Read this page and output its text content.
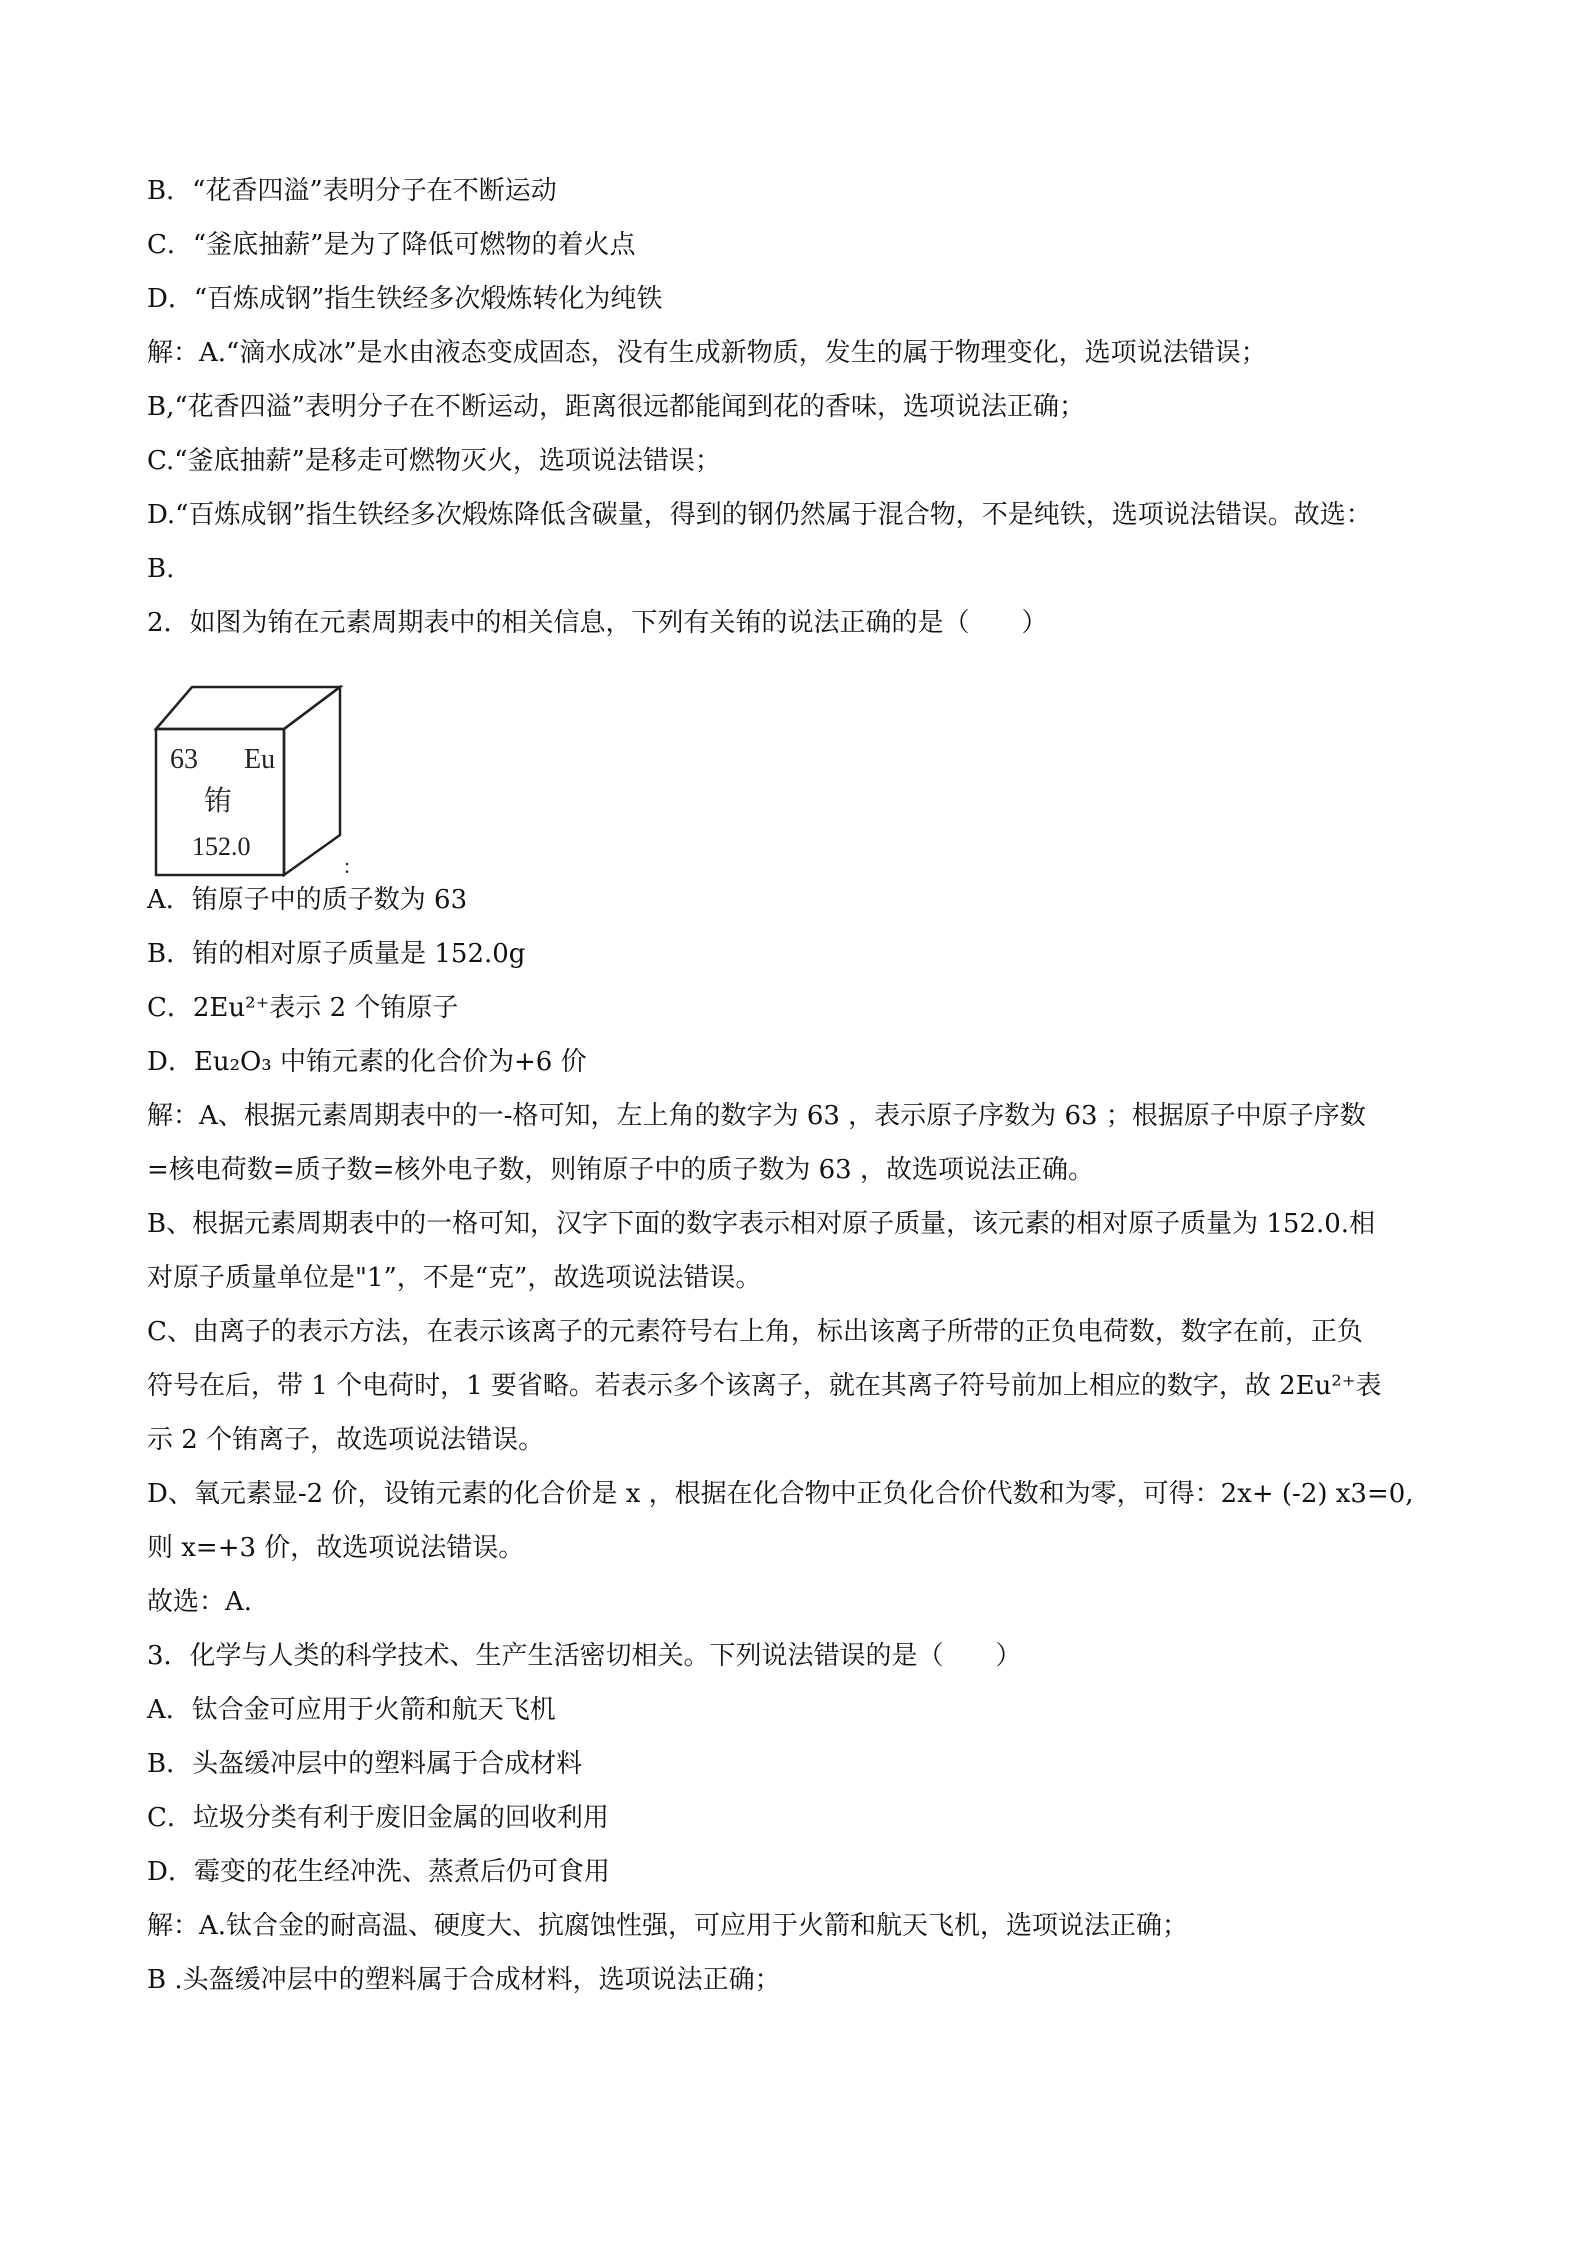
B．“花香四溢”表明分子在不断运动

C．“釜底抽薪”是为了降低可燃物的着火点

D．“百炼成钢”指生铁经多次煅炼转化为纯铁

解：A.“滴水成冰”是水由液态变成固态，没有生成新物质，发生的属于物理变化，选项说法错误；

B,“花香四溢”表明分子在不断运动，距离很远都能闻到花的香味，选项说法正确；

C.“釜底抽薪”是移走可燃物灭火，选项说法错误；

D.“百炼成钢”指生铁经多次煅炼降低含碳量，得到的钢仍然属于混合物，不是纯铁，选项说法错误。故选：

B.

2．如图为铕在元素周期表中的相关信息，下列有关铕的说法正确的是（　　）

A．铕原子中的质子数为 63

B．铕的相对原子质量是 152.0g

C．2Eu²⁺表示 2 个铕原子

D．Eu₂O₃ 中铕元素的化合价为+6 价

解：A、根据元素周期表中的一-格可知，左上角的数字为 63 ，表示原子序数为 63 ；根据原子中原子序数

=核电荷数=质子数=核外电子数，则铕原子中的质子数为 63 ，故选项说法正确。

B、根据元素周期表中的一格可知，汉字下面的数字表示相对原子质量，该元素的相对原子质量为 152.0.相

对原子质量单位是"1”，不是“克”，故选项说法错误。

C、由离子的表示方法，在表示该离子的元素符号右上角，标出该离子所带的正负电荷数，数字在前，正负

符号在后，带 1 个电荷时，1 要省略。若表示多个该离子，就在其离子符号前加上相应的数字，故 2Eu²⁺表

示 2 个铕离子，故选项说法错误。

D、氧元素显-2 价，设铕元素的化合价是 x ，根据在化合物中正负化合价代数和为零，可得：2x+ (-2) x3=0,

则 x=+3 价，故选项说法错误。

故选：A.

3．化学与人类的科学技术、生产生活密切相关。下列说法错误的是（　　）

A．钛合金可应用于火箭和航天飞机

B．头盔缓冲层中的塑料属于合成材料

C．垃圾分类有利于废旧金属的回收利用

D．霉变的花生经冲洗、蒸煮后仍可食用

解：A.钛合金的耐高温、硬度大、抗腐蚀性强，可应用于火箭和航天飞机，选项说法正确；

B .头盔缓冲层中的塑料属于合成材料，选项说法正确；

63 Eu
铕
152.0
:
